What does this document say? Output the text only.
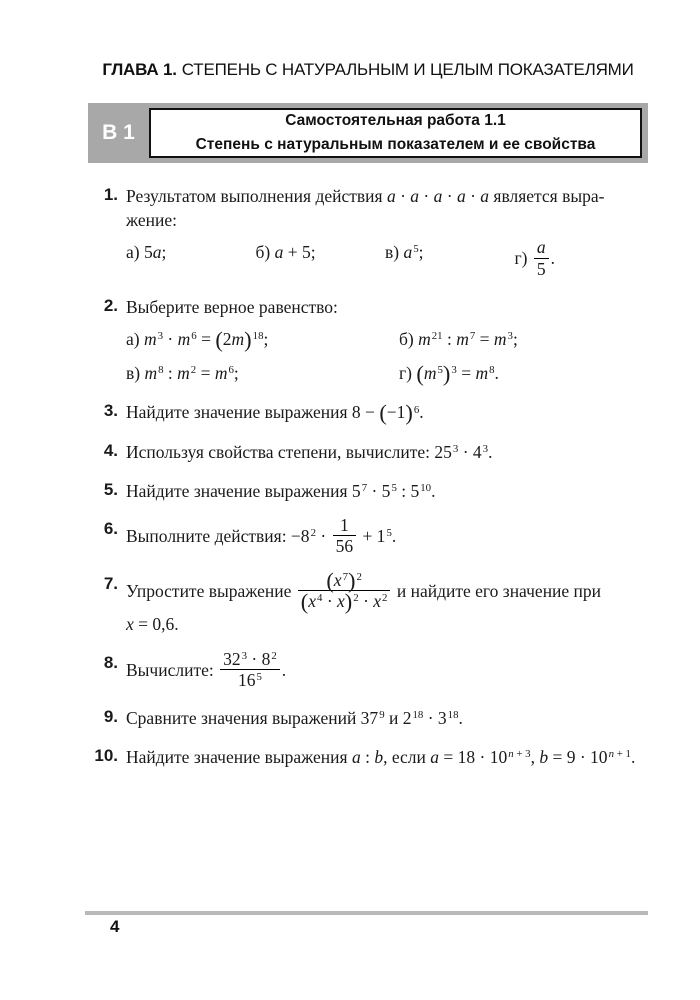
ГЛАВА 1. СТЕПЕНЬ С НАТУРАЛЬНЫМ И ЦЕЛЫМ ПОКАЗАТЕЛЯМИ
В 1
Самостоятельная работа 1.1
Степень с натуральным показателем и ее свойства
1. Результатом выполнения действия a · a · a · a · a является выра-
жение:
а) 5a;	б) a + 5;	в) $a^5$;	$г) \frac{a}{5}$ .
2. Выберите верное равенство:
а) $m^3 \cdot m^6 = (2m)^{18}$;	б) $m^{21}$ : $m^7 = m^3$;
в) $m^8$ : $m^2 = m^6$;	г) $(m^5)^3 = m^8$.
3. Найдите значение выражения $8 - (-1)^6$.
4. Используя свойства степени, вычислите: $25^3 \cdot 4^3$.
5. Найдите значение выражения $5^7 \cdot 5^5$ : $5^{10}$.
6. Выполните действия: $-8^2 \cdot \frac{1}{56} + 1^5$.
7. Упростите выражение $\frac{(x^7)^2}{(x^4 \cdot x)^2 \cdot x^2}$ и найдите его значение при
x = 0,6.
8. Вычислите: $\frac{32^3 \cdot 8^2}{16^5}$ .
9. Сравните значения выражений $37^9$ и $2^{18} \cdot 3^{18}$.
10. Найдите значение выражения a : b, если $a = 18 \cdot 10^{n + 3}$, $b = 9 \cdot 10^{n + 1}$.
4
